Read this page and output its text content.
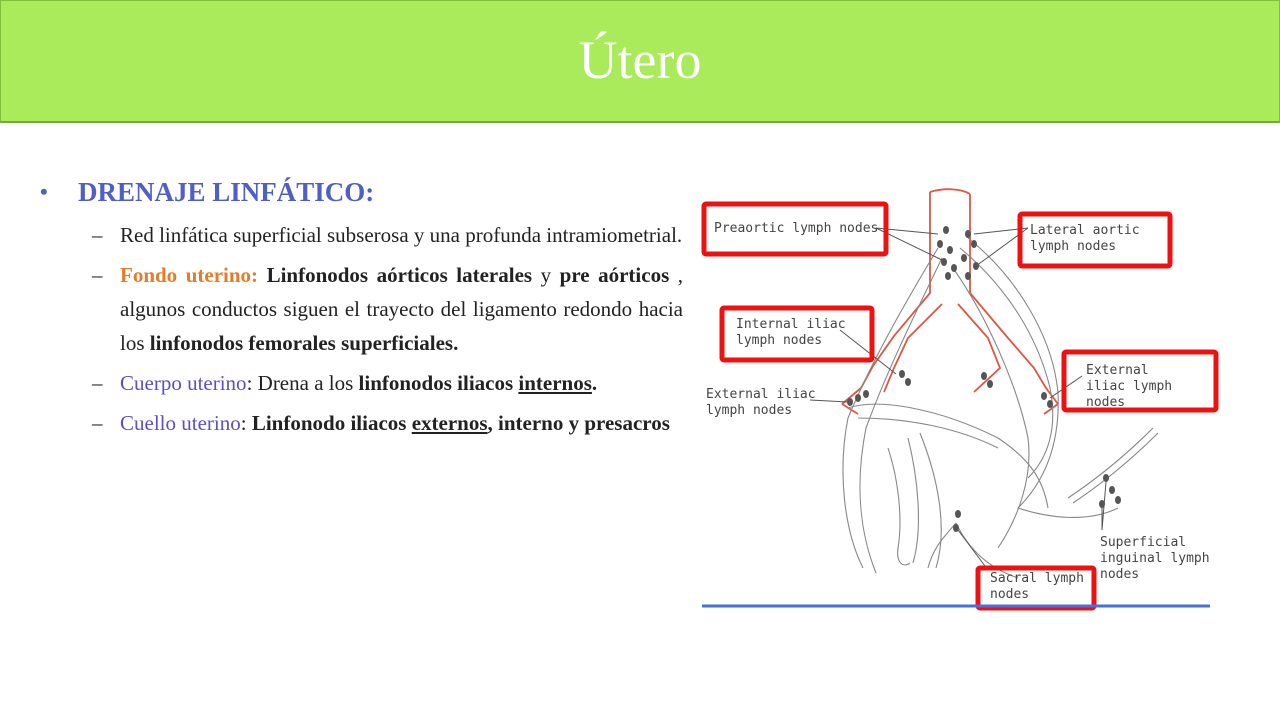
Útero
•	DRENAJE LINFÁTICO:
– Red linfática superficial subserosa y una profunda intramiometrial.
– Fondo uterino: Linfonodos aórticos laterales y pre aórticos , algunos conductos siguen el trayecto del ligamento redondo hacia los linfonodos femorales superficiales.
– Cuerpo uterino: Drena a los linfonodos iliacos internos.
– Cuello uterino: Linfonodo iliacos externos, interno y presacros
Preaortic lymph nodes	Lateral aortic
lymph nodes
Internal iliac
lymph nodes
External iliac
lymph nodes
External
iliac lymph
nodes
Superficial
inguinal lymph
nodes
Sacral lymph
nodes
